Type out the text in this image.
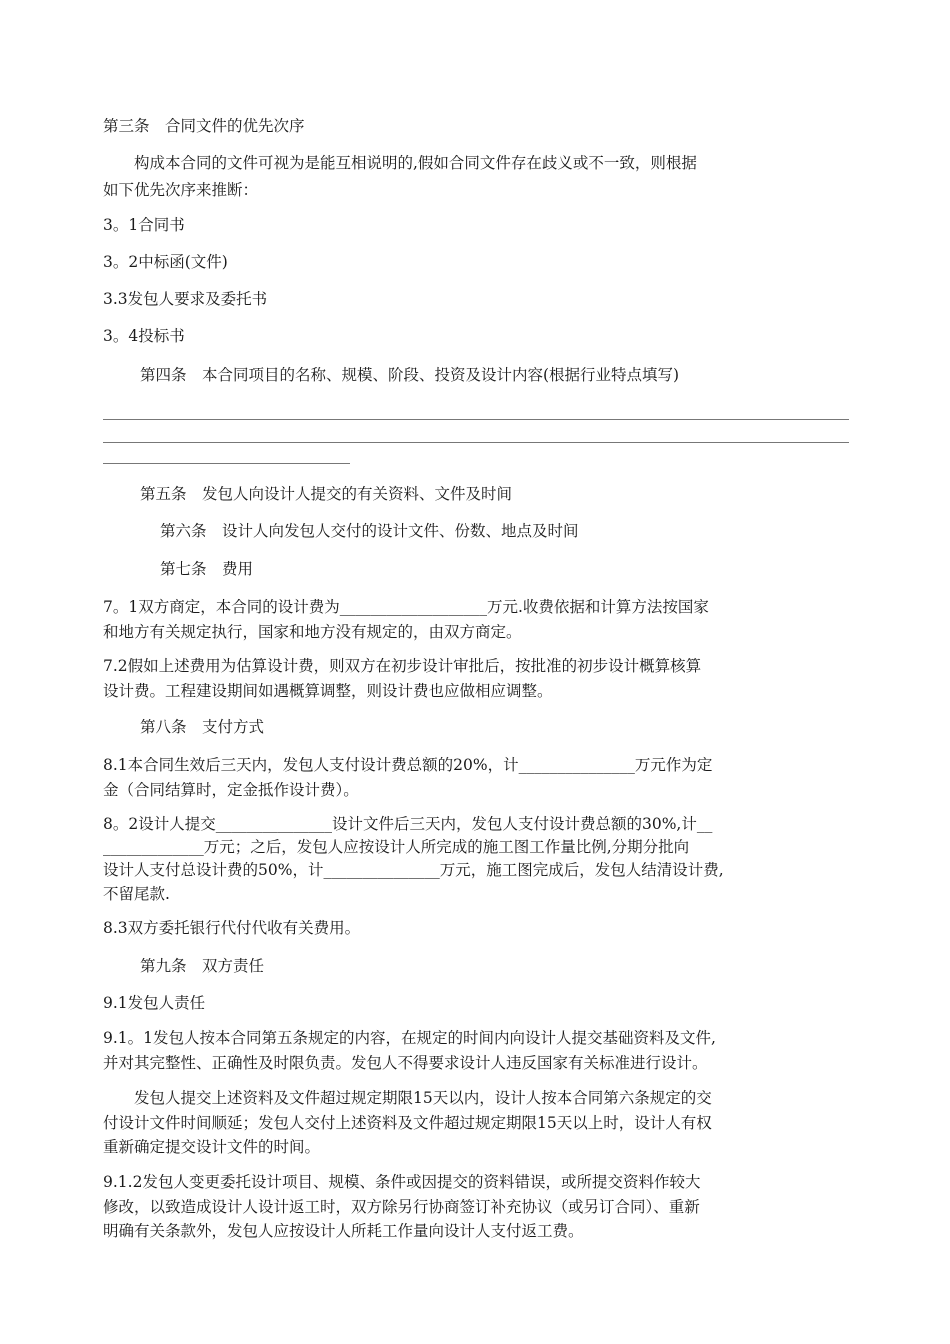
第三条　合同文件的优先次序

　　构成本合同的文件可视为是能互相说明的,假如合同文件存在歧义或不一致，则根据

如下优先次序来推断：

3。1合同书

3。2中标函(文件)

3.3发包人要求及委托书

3。4投标书

第四条　本合同项目的名称、规模、阶段、投资及设计内容(根据行业特点填写)

第五条　发包人向设计人提交的有关资料、文件及时间

第六条　设计人向发包人交付的设计文件、份数、地点及时间

第七条　费用

7。1双方商定，本合同的设计费为___________________万元.收费依据和计算方法按国家

和地方有关规定执行，国家和地方没有规定的，由双方商定。

7.2假如上述费用为估算设计费，则双方在初步设计审批后，按批准的初步设计概算核算

设计费。工程建设期间如遇概算调整，则设计费也应做相应调整。

第八条　支付方式

8.1本合同生效后三天内，发包人支付设计费总额的20%，计_______________万元作为定

金（合同结算时，定金抵作设计费）。

8。2设计人提交_______________设计文件后三天内，发包人支付设计费总额的30%,计__

_____________万元；之后，发包人应按设计人所完成的施工图工作量比例,分期分批向

设计人支付总设计费的50%，计_______________万元，施工图完成后，发包人结清设计费,

不留尾款.

8.3双方委托银行代付代收有关费用。

第九条　双方责任

9.1发包人责任

9.1。1发包人按本合同第五条规定的内容，在规定的时间内向设计人提交基础资料及文件,

并对其完整性、正确性及时限负责。发包人不得要求设计人违反国家有关标准进行设计。

　　发包人提交上述资料及文件超过规定期限15天以内，设计人按本合同第六条规定的交

付设计文件时间顺延；发包人交付上述资料及文件超过规定期限15天以上时，设计人有权

重新确定提交设计文件的时间。

9.1.2发包人变更委托设计项目、规模、条件或因提交的资料错误，或所提交资料作较大

修改，以致造成设计人设计返工时，双方除另行协商签订补充协议（或另订合同）、重新

明确有关条款外，发包人应按设计人所耗工作量向设计人支付返工费。
